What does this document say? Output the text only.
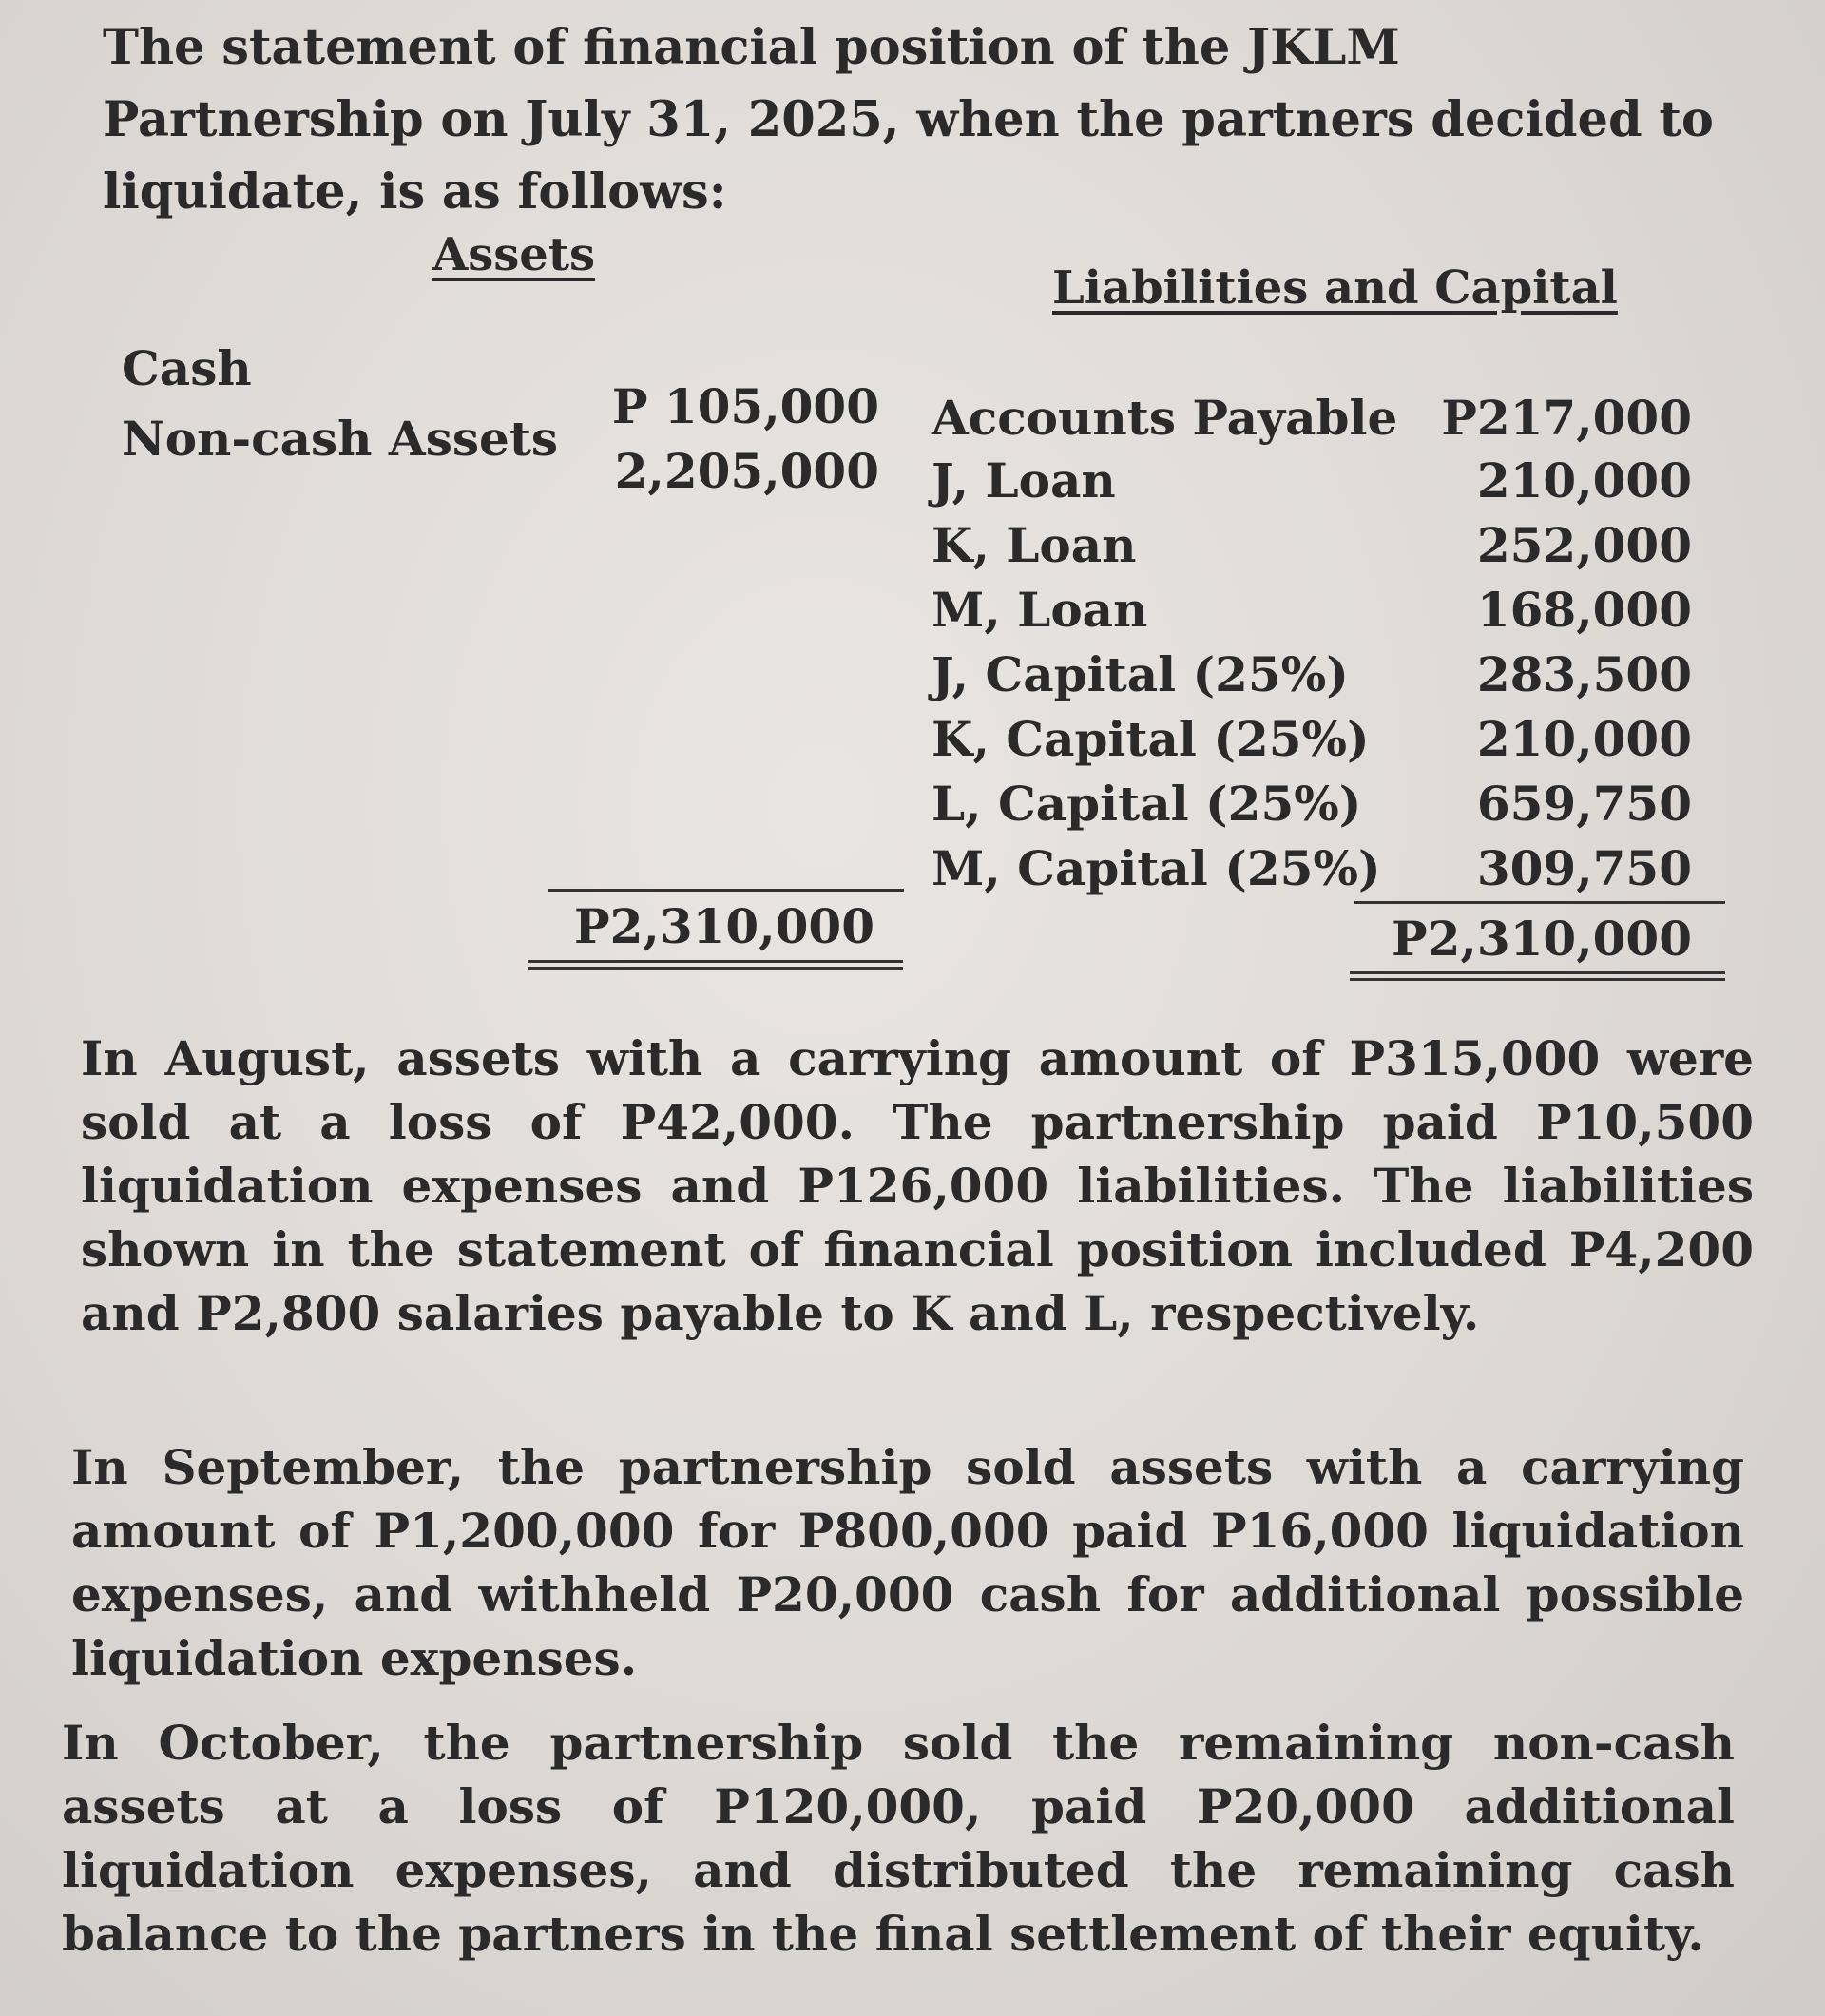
The statement of financial position of the JKLM Partnership on July 31, 2025, when the partners decided to liquidate, is as follows:

Assets
Cash
Non-cash Assets
P 105,000
2,205,000
P2,310,000
Liabilities and Capital
Accounts Payable
J, Loan
K, Loan
M, Loan
J, Capital (25%)
K, Capital (25%)
L, Capital (25%)
M, Capital (25%)
P217,000
210,000
252,000
168,000
283,500
210,000
659,750
309,750
P2,310,000

In August, assets with a carrying amount of P315,000 were sold at a loss of P42,000. The partnership paid P10,500 liquidation expenses and P126,000 liabilities. The liabilities shown in the statement of financial position included P4,200 and P2,800 salaries payable to K and L, respectively.

In September, the partnership sold assets with a carrying amount of P1,200,000 for P800,000 paid P16,000 liquidation expenses, and withheld P20,000 cash for additional possible liquidation expenses.

In October, the partnership sold the remaining non-cash assets at a loss of P120,000, paid P20,000 additional liquidation expenses, and distributed the remaining cash balance to the partners in the final settlement of their equity.
